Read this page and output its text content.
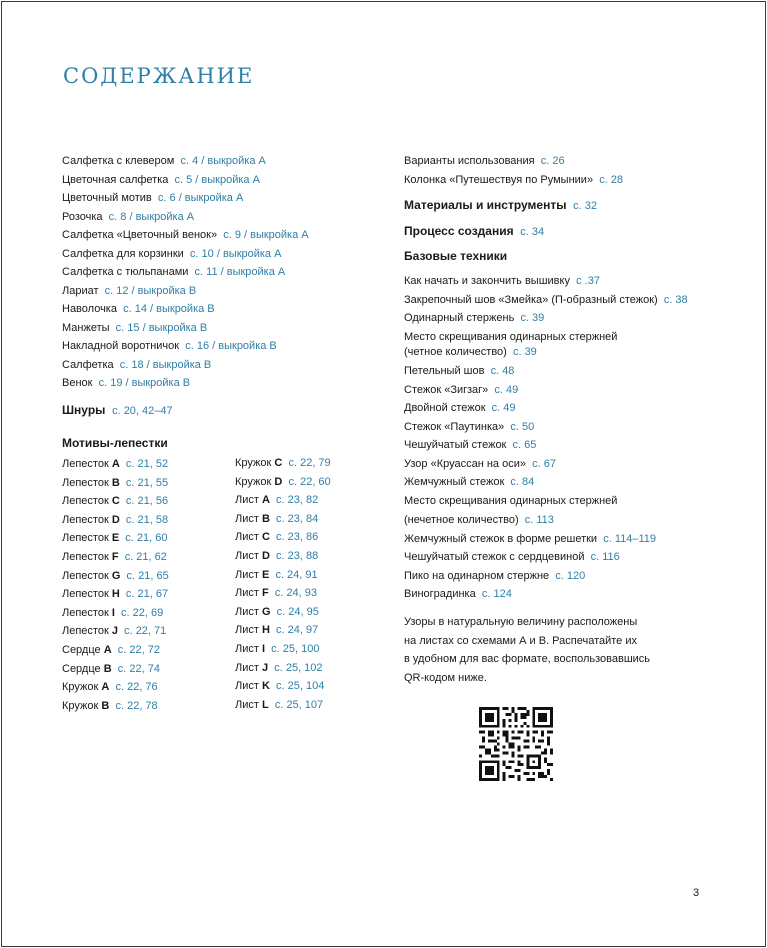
СОДЕРЖАНИЕ
Салфетка с клевером с. 4 / выкройка А
Цветочная салфетка с. 5 / выкройка А
Цветочный мотив с. 6 / выкройка А
Розочка с. 8 / выкройка А
Салфетка «Цветочный венок» с. 9 / выкройка А
Салфетка для корзинки с. 10 / выкройка А
Салфетка с тюльпанами с. 11 / выкройка А
Лариат с. 12 / выкройка В
Наволочка с. 14 / выкройка В
Манжеты с. 15 / выкройка В
Накладной воротничок с. 16 / выкройка В
Салфетка с. 18 / выкройка В
Венок с. 19 / выкройка В
Шнуры с. 20, 42–47
Мотивы-лепестки
Лепесток A с. 21, 52
Лепесток B с. 21, 55
Лепесток C с. 21, 56
Лепесток D с. 21, 58
Лепесток E с. 21, 60
Лепесток F с. 21, 62
Лепесток G с. 21, 65
Лепесток H с. 21, 67
Лепесток I с. 22, 69
Лепесток J с. 22, 71
Сердце A с. 22, 72
Сердце B с. 22, 74
Кружок A с. 22, 76
Кружок B с. 22, 78
Кружок C с. 22, 79
Кружок D с. 22, 60
Лист A с. 23, 82
Лист B с. 23, 84
Лист C с. 23, 86
Лист D с. 23, 88
Лист E с. 24, 91
Лист F с. 24, 93
Лист G с. 24, 95
Лист H с. 24, 97
Лист I с. 25, 100
Лист J с. 25, 102
Лист K с. 25, 104
Лист L с. 25, 107
Варианты использования с. 26
Колонка «Путешествуя по Румынии» с. 28
Материалы и инструменты с. 32
Процесс создания с. 34
Базовые техники
Как начать и закончить вышивку с .37
Закрепочный шов «Змейка» (П-образный стежок) с. 38
Одинарный стержень с. 39
Место скрещивания одинарных стержней
(четное количество) с. 39
Петельный шов с. 48
Стежок «Зигзаг» с. 49
Двойной стежок с. 49
Стежок «Паутинка» с. 50
Чешуйчатый стежок с. 65
Узор «Круассан на оси» с. 67
Жемчужный стежок с. 84
Место скрещивания одинарных стержней
(нечетное количество) с. 113
Жемчужный стежок в форме решетки с. 114–119
Чешуйчатый стежок с сердцевиной с. 116
Пико на одинарном стержне с. 120
Виноградинка с. 124
Узоры в натуральную величину расположены
на листах со схемами А и В. Распечатайте их
в удобном для вас формате, воспользовавшись
QR-кодом ниже.
3
